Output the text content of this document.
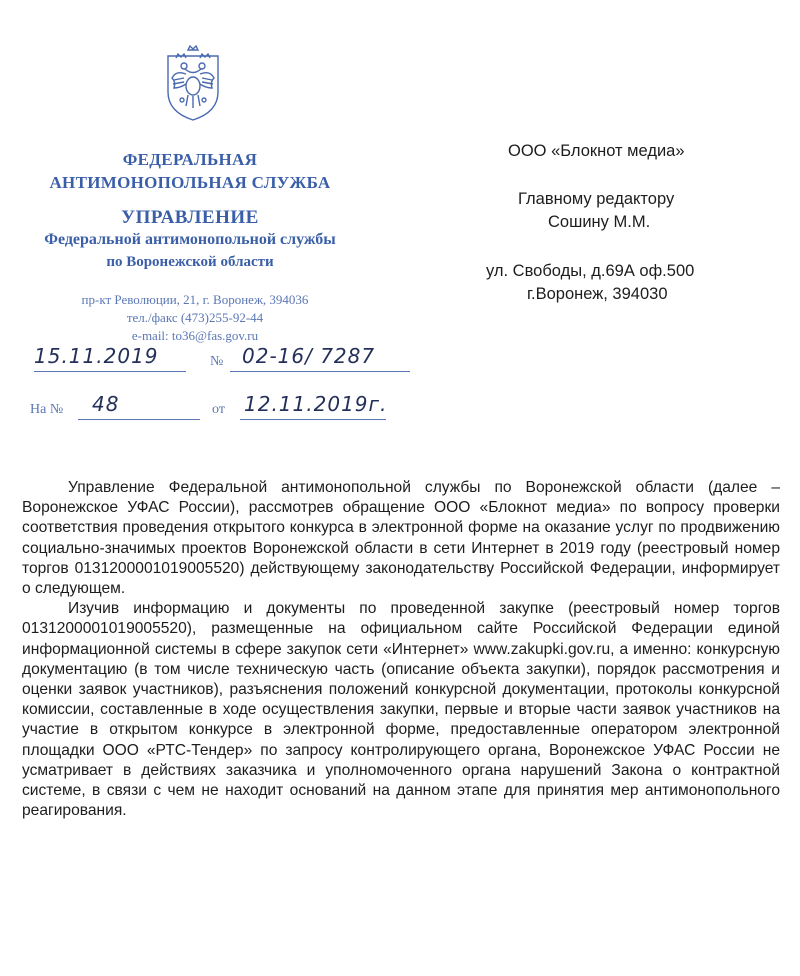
ФЕДЕРАЛЬНАЯ
АНТИМОНОПОЛЬНАЯ СЛУЖБА
УПРАВЛЕНИЕ
Федеральной антимонопольной службы
по Воронежской области
пр-кт Революции, 21, г. Воронеж, 394036
тел./факс (473)255-92-44
e-mail: to36@fas.gov.ru
15.11.2019	№ 02-16/ 7287
На № 48	от 12.11.2019г.
ООО «Блокнот медиа»
Главному редактору
Сошину М.М.
ул. Свободы, д.69А оф.500
г.Воронеж, 394030

Управление Федеральной антимонопольной службы по Воронежской области (далее – Воронежское УФАС России), рассмотрев обращение ООО «Блокнот медиа» по вопросу проверки соответствия проведения открытого конкурса в электронной форме на оказание услуг по продвижению социально-значимых проектов Воронежской области в сети Интернет в 2019 году (реестровый номер торгов 0131200001019005520) действующему законодательству Российской Федерации, информирует о следующем.

Изучив информацию и документы по проведенной закупке (реестровый номер торгов 0131200001019005520), размещенные на официальном сайте Российской Федерации единой информационной системы в сфере закупок сети «Интернет» www.zakupki.gov.ru, а именно: конкурсную документацию (в том числе техническую часть (описание объекта закупки), порядок рассмотрения и оценки заявок участников), разъяснения положений конкурсной документации, протоколы конкурсной комиссии, составленные в ходе осуществления закупки, первые и вторые части заявок участников на участие в открытом конкурсе в электронной форме, предоставленные оператором электронной площадки ООО «РТС-Тендер» по запросу контролирующего органа, Воронежское УФАС России не усматривает в действиях заказчика и уполномоченного органа нарушений Закона о контрактной системе, в связи с чем не находит оснований на данном этапе для принятия мер антимонопольного реагирования.
